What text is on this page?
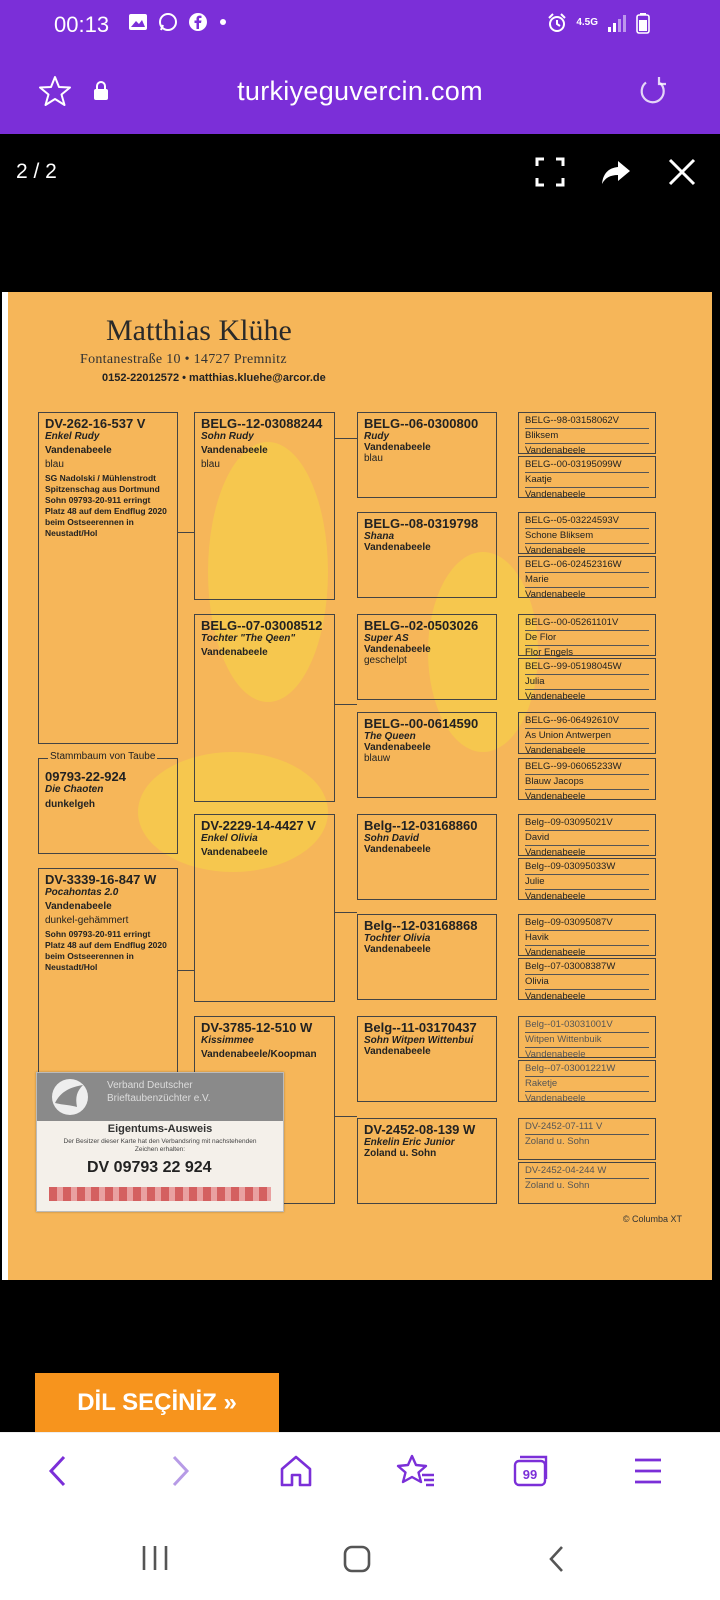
00:13	4.5G
turkiyeguvercin.com
2 / 2
Matthias Klühe
Fontanestraße 10 • 14727 Premnitz
0152-22012572 • matthias.kluehe@arcor.de
DV-262-16-537 V
Enkel Rudy
Vandenabeele
blau
SG Nadolski / Mühlenstrodt Spitzenschag aus Dortmund Sohn 09793-20-911 erringt Platz 48 auf dem Endflug 2020 beim Ostseerennen in Neustadt/Hol
09793-22-924
Die Chaoten
dunkelgeh
Stammbaum von Taube
DV-3339-16-847 W
Pocahontas 2.0
Vandenabeele
dunkel-gehämmert
Sohn 09793-20-911 erringt Platz 48 auf dem Endflug 2020 beim Ostseerennen in Neustadt/Hol
BELG--12-03088244
Sohn Rudy
Vandenabeele
blau
BELG--07-03008512
Tochter "The Qeen"
Vandenabeele
DV-2229-14-4427 V
Enkel Olivia
Vandenabeele
DV-3785-12-510 W
Kissimmee
Vandenabeele/Koopman
BELG--06-0300800
Rudy
Vandenabeele
blau
BELG--08-0319798
Shana
Vandenabeele
BELG--02-0503026
Super AS
Vandenabeele
geschelpt
BELG--00-0614590
The Queen
Vandenabeele
blauw
Belg--12-03168860
Sohn David
Vandenabeele
Belg--12-03168868
Tochter Olivia
Vandenabeele
Belg--11-03170437
Sohn Witpen Wittenbui
Vandenabeele
DV-2452-08-139 W
Enkelin Eric Junior
Zoland u. Sohn
BELG--98-03158062V
Bliksem
Vandenabeele
BELG--00-03195099W
Kaatje
Vandenabeele
BELG--05-03224593V
Schone Bliksem
Vandenabeele
BELG--06-02452316W
Marie
Vandenabeele
BELG--00-05261101V
De Flor
Flor Engels
BELG--99-05198045W
Julia
Vandenabeele
BELG--96-06492610V
As Union Antwerpen
Vandenabeele
BELG--99-06065233W
Blauw Jacops
Vandenabeele
Belg--09-03095021V
David
Vandenabeele
Belg--09-03095033W
Julie
Vandenabeele
Belg--09-03095087V
Havik
Vandenabeele
Belg--07-03008387W
Olivia
Vandenabeele
Belg--01-03031001V
Witpen Wittenbuik
Vandenabeele
Belg--07-03001221W
Raketje
Vandenabeele
DV-2452-07-111 V
Zoland u. Sohn
DV-2452-04-244 W
Zoland u. Sohn
Verband Deutscher
Brieftaubenzüchter e.V.
Eigentums-Ausweis
Der Besitzer dieser Karte hat den Verbandsring mit nachstehenden Zeichen erhalten:
DV 09793 22 924
© Columba XT
DİL SEÇİNİZ »
99
